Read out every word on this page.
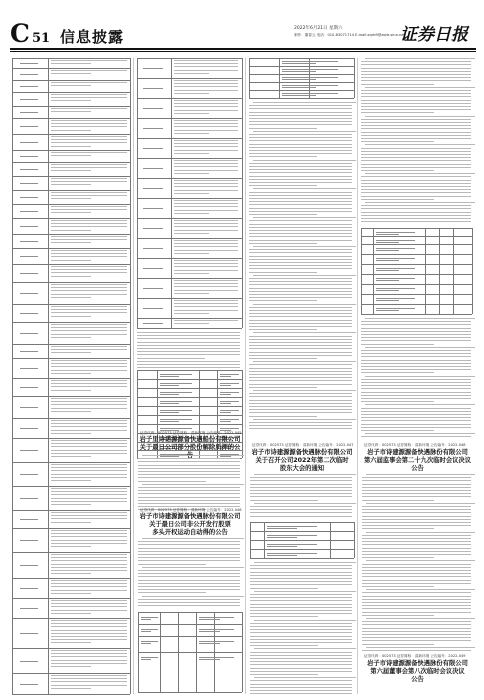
C 51 信息披露	2022年6月21日 星期六
制作：董春云 电话：010-63071714 E-mail:zqrb9@zqrb.sina.net
证券日报
证券代码：002573 证券简称：清新环境 公告编号：2022-045
岩子里诗诺源源备快遇船份有限公司
关于最日公司部分股份解除质押的公
证券代码：002573 证券简称：清新环境 公告编号：2022-046
岩子市诗建源源备快遇脉份有限公司
关于最日公司非公开发行股票
多头开权运动自动得的公告
证券代码：002573 证券简称：清新环境 公告编号：2022-047
岩子市诗建源源备快遇脉份有限公司
关于召开公司2022年第二次临时
股东大会的通知
证券代码：002573 证券简称：清新环境 公告编号：2022-048
岩子市诗建源源备快遇脉份有限公司
第六届监事会第二十九次临时会议决议
公告
证券代码：002573 证券简称：清新环境 公告编号：2022-049
岩子市诗建源源备快遇脉份有限公司
第六届董事会第八次临时会议决议
公告
